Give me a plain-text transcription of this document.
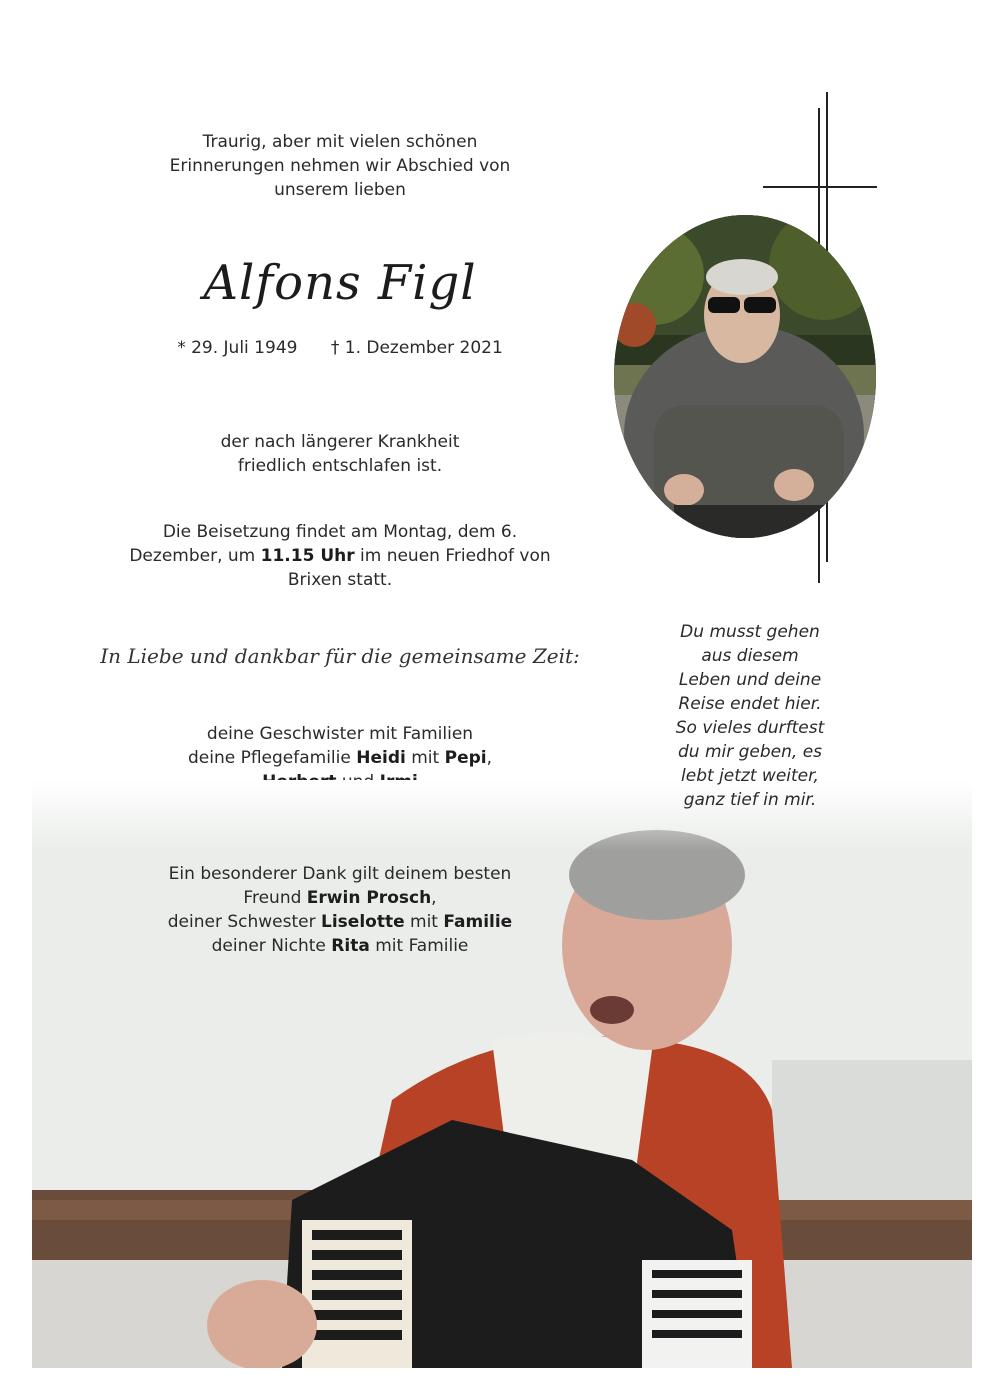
Traurig, aber mit vielen schönen
Erinnerungen nehmen wir Abschied von
unserem lieben
Alfons Figl
* 29. Juli 1949 † 1. Dezember 2021
der nach längerer Krankheit
friedlich entschlafen ist.
Die Beisetzung findet am Montag, dem 6.
Dezember, um 11.15 Uhr im neuen Friedhof von
Brixen statt.
In Liebe und dankbar für die gemeinsame Zeit:
deine Geschwister mit Familien
deine Pflegefamilie Heidi mit Pepi,
Ein besonderer Dank gilt deinem besten
Freund Erwin Prosch,
deiner Schwester Liselotte mit Familie
deiner Nichte Rita mit Familie
Du musst gehen
aus diesem
Leben und deine
Reise endet hier.
So vieles durftest
du mir geben, es
lebt jetzt weiter,
ganz tief in mir.
